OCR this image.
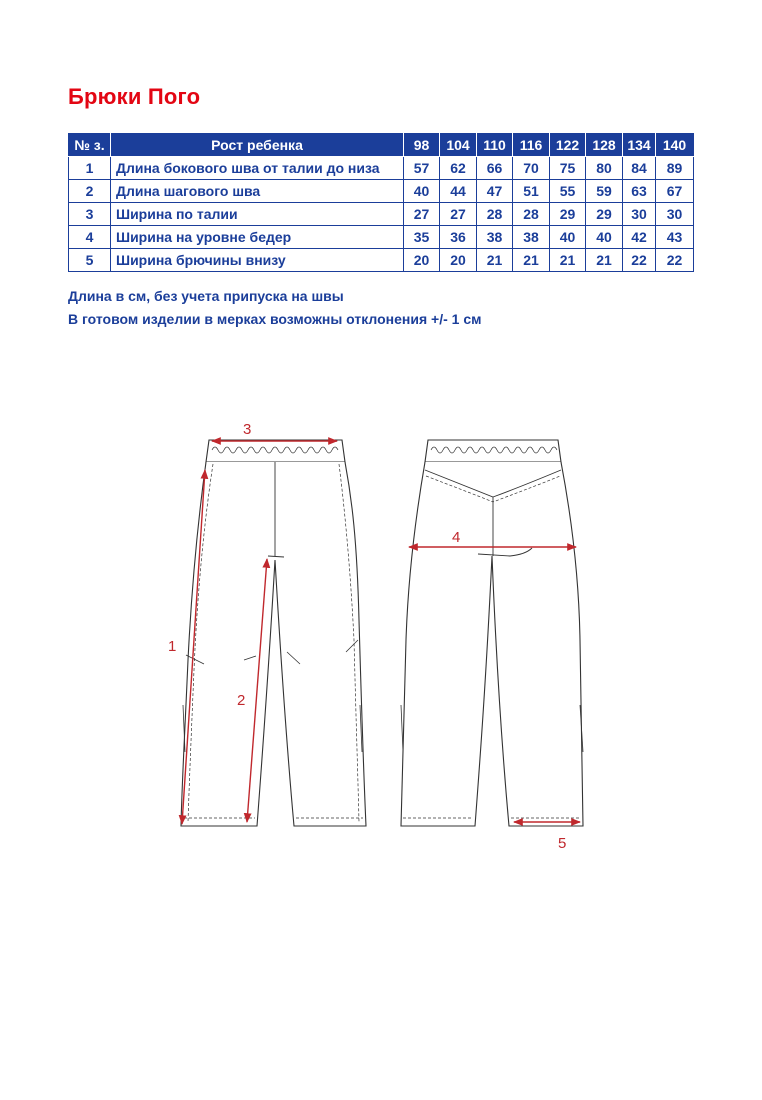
Брюки Пого
№ з.	Рост ребенка	98	104	110	116	122	128	134	140
1	Длина бокового шва от талии до низа	57	62	66	70	75	80	84	89
2	Длина шагового шва	40	44	47	51	55	59	63	67
3	Ширина по талии	27	27	28	28	29	29	30	30
4	Ширина на уровне бедер	35	36	38	38	40	40	42	43
5	Ширина брючины внизу	20	20	21	21	21	21	22	22

Длина в см, без учета припуска на швы

В готовом изделии в мерках возможны отклонения +/- 1 см

3
1
2
4
5
